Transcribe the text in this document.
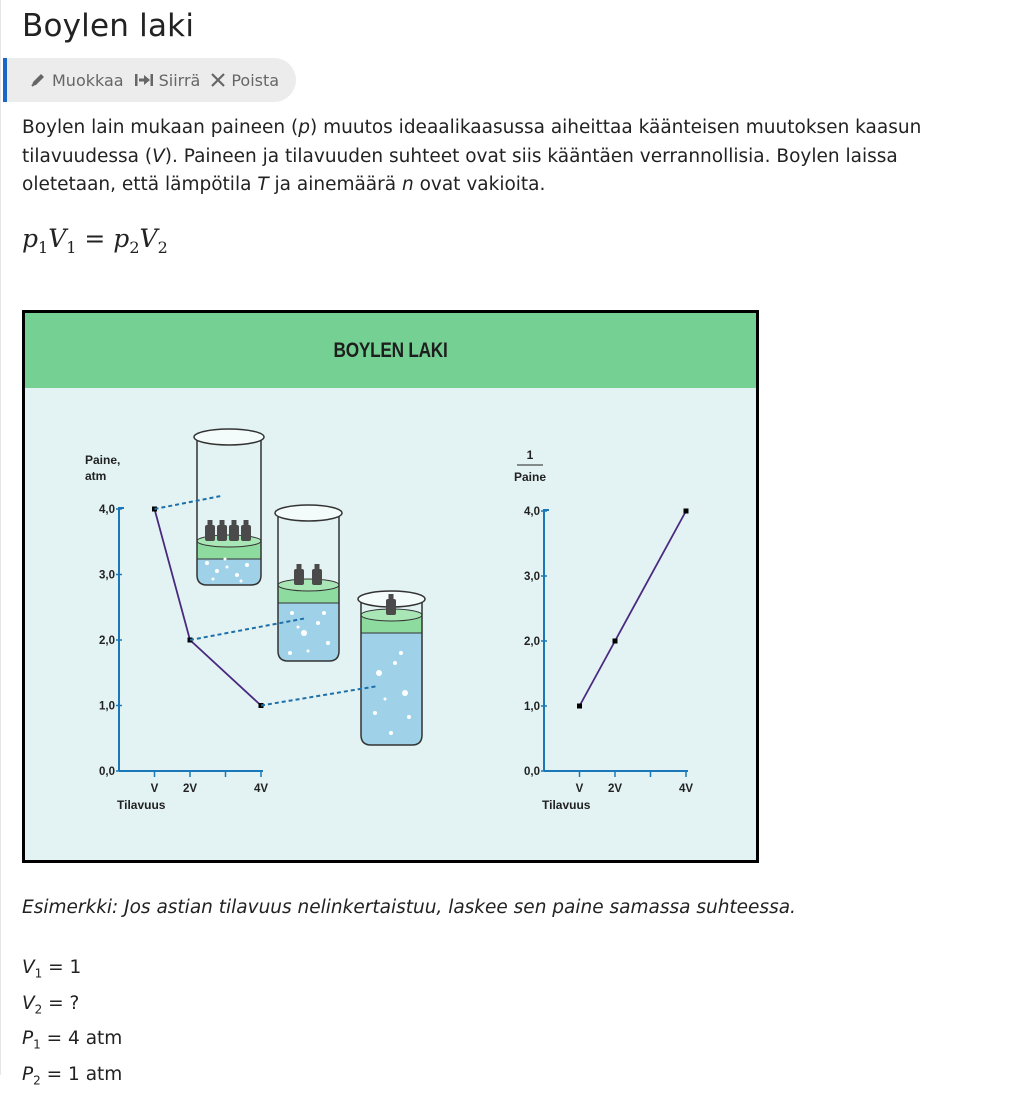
Boylen laki
Muokkaa Siirrä Poista

Boylen lain mukaan paineen (p) muutos ideaalikaasussa aiheittaa käänteisen muutoksen kaasun tilavuudessa (V). Paineen ja tilavuuden suhteet ovat siis kääntäen verrannollisia. Boylen laissa oletetaan, että lämpötila T ja ainemäärä n ovat vakioita.

$p_1V_1 = p_2V_2$
BOYLEN LAKI
0,0
1,0
2,0
3,0
4,0
V 2V	4V
Tilavuus
Paine,
atm
0,0
1,0
2,0
3,0
4,0
V 2V	4V
Tilavuus
1
Paine

Esimerkki: Jos astian tilavuus nelinkertaistuu, laskee sen paine samassa suhteessa.

$V_1 = 1$
$V_2$ = ?
$P_1 = 4$ atm
$P_2 = 1$ atm
